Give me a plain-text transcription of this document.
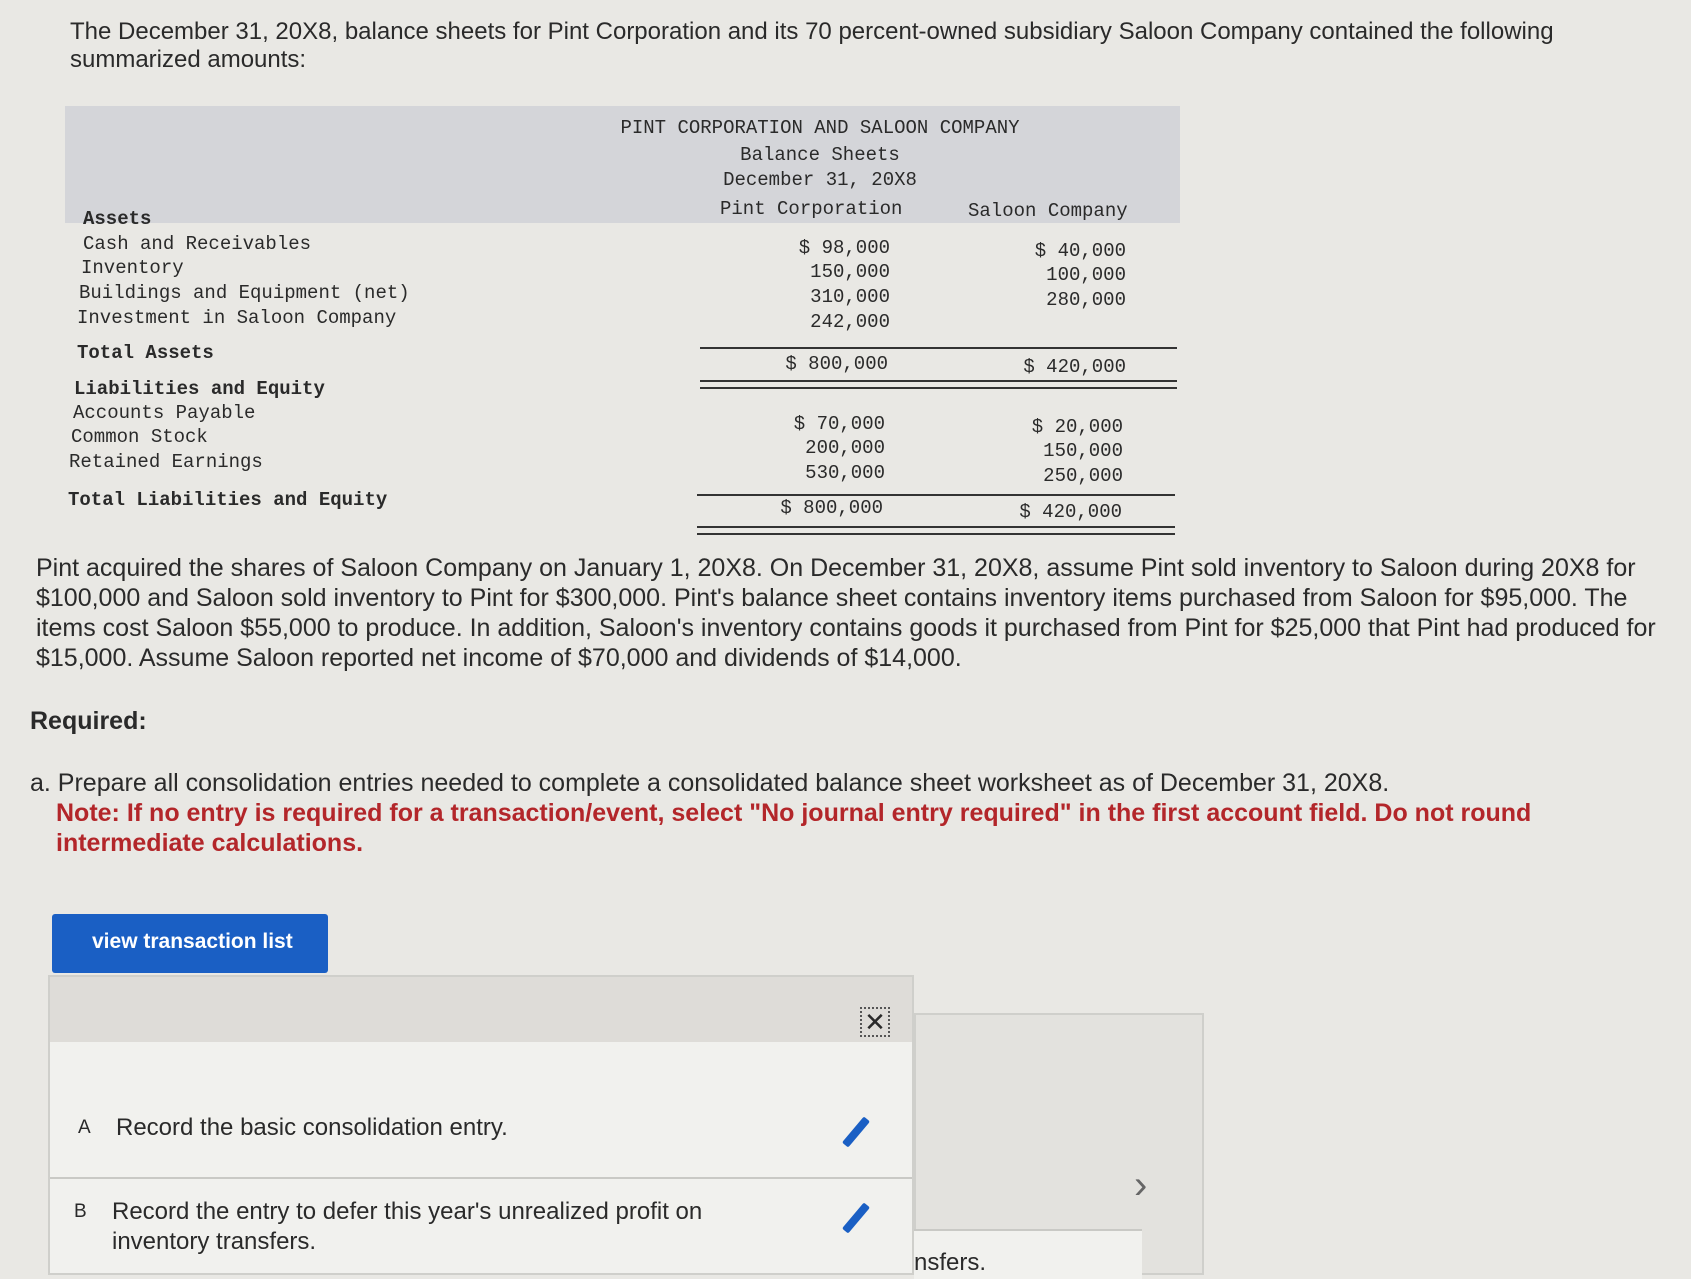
The December 31, 20X8, balance sheets for Pint Corporation and its 70 percent-owned subsidiary Saloon Company contained the following summarized amounts:
PINT CORPORATION AND SALOON COMPANY
Balance Sheets
December 31, 20X8
Pint Corporation	Saloon Company
Assets
Cash and Receivables	$ 98,000	$ 40,000
Inventory	150,000	100,000
Buildings and Equipment (net)	310,000	280,000
Investment in Saloon Company	242,000
Total Assets	$ 800,000	$ 420,000
Liabilities and Equity
Accounts Payable	$ 70,000	$ 20,000
Common Stock	200,000	150,000
Retained Earnings	530,000	250,000
Total Liabilities and Equity	$ 800,000	$ 420,000
Pint acquired the shares of Saloon Company on January 1, 20X8. On December 31, 20X8, assume Pint sold inventory to Saloon during 20X8 for $100,000 and Saloon sold inventory to Pint for $300,000. Pint's balance sheet contains inventory items purchased from Saloon for $95,000. The items cost Saloon $55,000 to produce. In addition, Saloon's inventory contains goods it purchased from Pint for $25,000 that Pint had produced for $15,000. Assume Saloon reported net income of $70,000 and dividends of $14,000.
Required:
a. Prepare all consolidation entries needed to complete a consolidated balance sheet worksheet as of December 31, 20X8.
Note: If no entry is required for a transaction/event, select "No journal entry required" in the first account field. Do not round intermediate calculations.
view transaction list
✕
A Record the basic consolidation entry.
B Record the entry to defer this year's unrealized profit on inventory transfers.
›
nsfers.
